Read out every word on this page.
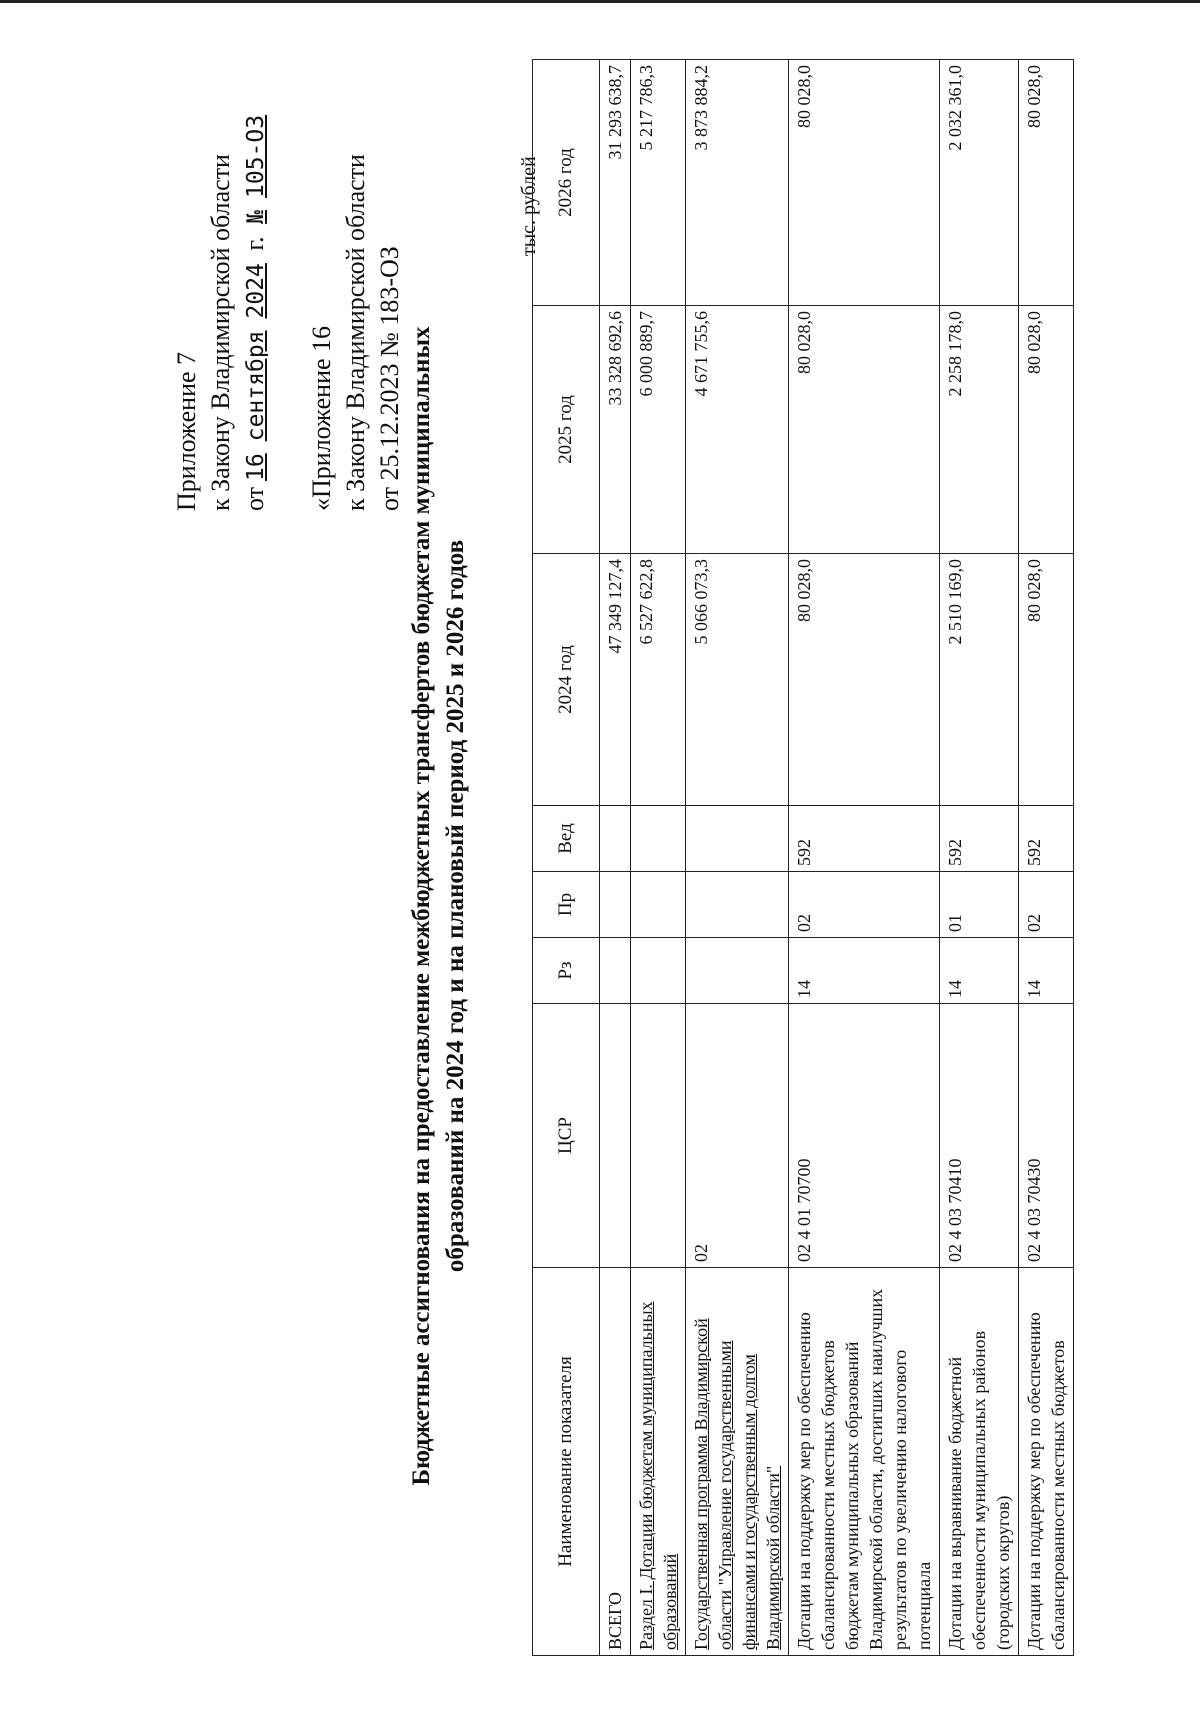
Приложение 7 к Закону Владимирской области от16сентября2024 г. №105-ОЗ
«Приложение 16 к Закону Владимирской области от 25.12.2023 № 183-ОЗ Бюджетные ассигнования на предоставление межбюджетных трансфертов бюджетам муниципальных образований на 2024 год и на плановый период 2025 и 2026 годов
тыс. рублей
Наименование показателя	ЦСР	Рз	Пр	Вед	2024 год	2025 год	2026 год
ВСЕГО					47 349 127,4	33 328 692,6	31 293 638,7
Раздел I. Дотации бюджетам муниципальных образований					6 527 622,8	6 000 889,7	5 217 786,3
Государственная программа Владимирской области "Управление государственными финансами и государственным долгом Владимирской области"	02				5 066 073,3	4 671 755,6	3 873 884,2
Дотации на поддержку мер по обеспечению сбалансированности местных бюджетов бюджетам муниципальных образований Владимирской области, достигших наилучших результатов по увеличению налогового потенциала	02 4 01 70700	14	02	592	80 028,0	80 028,0	80 028,0
Дотации на выравнивание бюджетной обеспеченности муниципальных районов (городских округов)	02 4 03 70410	14	01	592	2 510 169,0	2 258 178,0	2 032 361,0
Дотации на поддержку мер по обеспечению сбалансированности местных бюджетов	02 4 03 70430	14	02	592	80 028,0	80 028,0	80 028,0
